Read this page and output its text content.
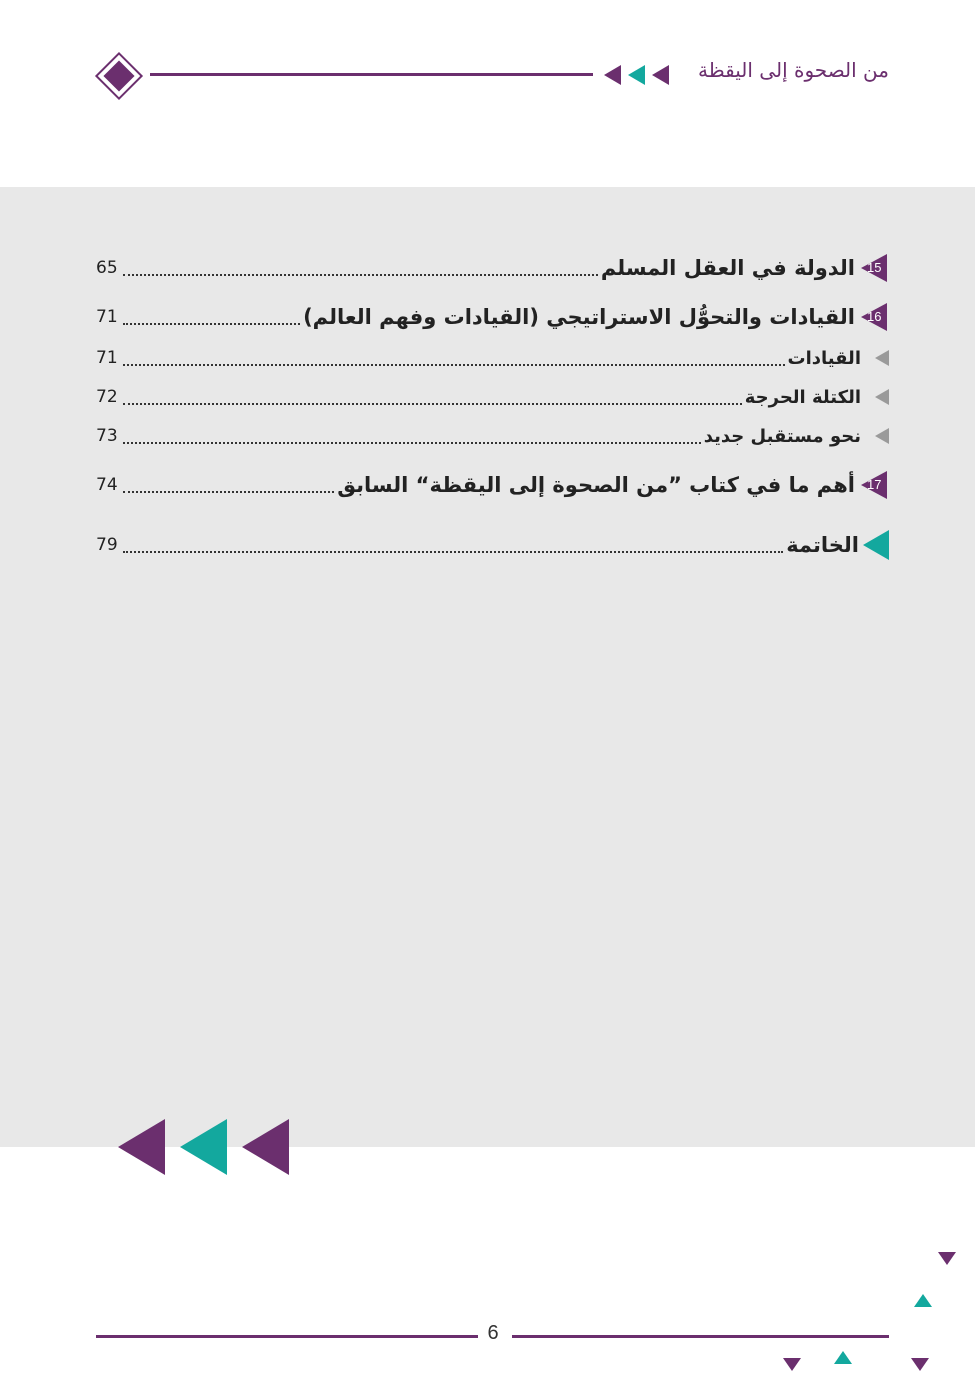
من الصحوة إلى اليقظة
15
الدولة في العقل المسلم
65
16
القيادات والتحوُّل الاستراتيجي (القيادات وفهم العالم)
71
القيادات
71
الكتلة الحرجة
72
نحو مستقبل جديد
73
17
أهم ما في كتاب ”من الصحوة إلى اليقظة“ السابق
74
الخاتمة
79
6
